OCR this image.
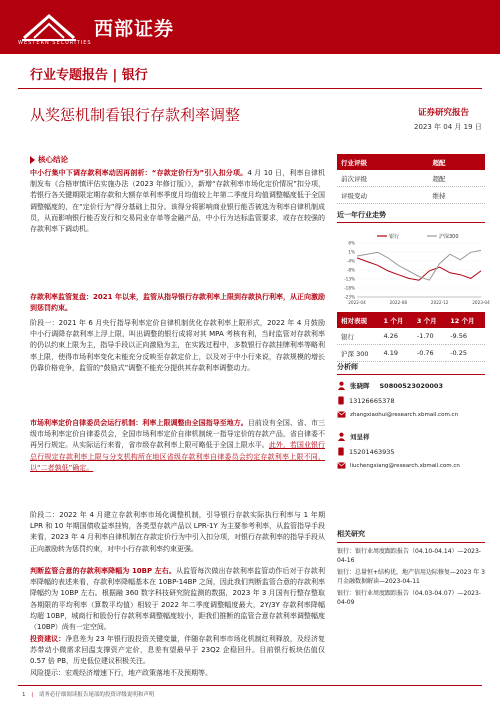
西部证券
WESTERN SECURITIES
行业专题报告 | 银行
从奖惩机制看银行存款利率调整	证券研究报告
2023 年 04 月 19 日
核心结论
中小行集中下调存款利率动因再剖析：“存款定价行为”引入扣分项。4 月 10 日，利率自律机制发布《合格审慎评估实施办法（2023 年修订版）》，新增“存款利率市场化定价情况”扣分项，若银行各关键期限定期存款和大额存单利率季度月均值较上年第二季度月均值调整幅度低于全国调整幅度的，在“定价行为”得分基础上扣分。该得分将影响商业银行能否被选为利率自律机制成员，从而影响银行能否发行和交易同业存单等金融产品，中小行为达标监管要求，或存在较强的存款利率下调动机。
存款利率监管复盘：2021 年以来，监管从指导银行存款利率上限到存款执行利率，从正向激励到惩罚约束。
阶段一：2021 年 6 月央行指导利率定价自律机制优化存款利率上限形式，2022 年 4 月鼓励中小行调降存款利率上浮上限，叫出调整的银行成将对其 MPA 考核有利，当时监管对存款利率的仍以约束上限为主，指导手段以正向激励为主，在实践过程中，多数银行存款挂牌利率等略利率上限，使得市场利率变化未能充分反映至存款定价上，以及对于中小行来说，存款规模的增长仍靠价格竞争，监管的“鼓励式”调整不能充分提供其存款利率调整动力。
市场利率定价自律委员会运行机制：利率上限调整由全国指导至地方。目前设有全国、省、市三级市场利率定价自律委员会，全国市场利率定价自律机制统一指导定价的存款产品，省自律委不再另行规定。从实际运行来看，省市级存款利率上限可略低于全国上限水平。此外，若国业银行总行规定存款利率上限与分支机构所在地区省级存款利率自律委员会约定存款利率上限不同，以“二者孰低”确定。
阶段二：2022 年 4 月建立存款利率市场化调整机制，引导银行存款实际执行利率与 1 年期 LPR 和 10 年期国债收益率挂钩，各类型存款产品以 LPR-1Y 为主要参考利率，从监管指导手段来看，2023 年 4 月利率自律机制在存款定价行为中引入扣分项，对银行存款利率的指导手段从正向激励转为惩罚约束，对中小行存款利率约束更强。
判断监管合意的存款利率降幅为 10BP 左右。从监管每次做出存款利率监管动作后对于存款利率降幅的表述来看，存款利率降幅基本在 10BP-14BP 之间，因此我们判断监管合意的存款利率降幅约为 10BP 左右。根据融 360 数字科技研究院监测的数据，2023 年 3 月国有行整存整取各期限的平均利率（算数平均值）相较于 2022 年二季度调整幅度最大，2Y/3Y 存款利率降幅均超 10BP，城商行和股份行存款利率调整幅度较小，距我们推断的监管合意存款利率调整幅度（10BP）尚有一定空间。
投资建议：净息差为 23 年银行股投资关键变量，伴随存款利率市场化机制红利释放，及经济复苏带动小微需求回温支撑资产定价，息差有望最早于 23Q2 企稳回升。目前银行板块估值仅 0.57 倍 PB，历史低位建议积极关注。
风险提示：宏观经济增速下行，地产政策落地不及预期等。
行业评级	超配
前次评级	超配
评级变动	维持
近一年行业走势
银行	沪深300
6%
1%
-4%
-8%
-13%
-18%
-23%
2022-04	2022-08	2022-12	2023-04
相对表现	1 个月	3 个月	12 个月
银行	4.26	-1.70	-9.56
沪深 300	4.19	-0.76	-0.25
分析师
张晓晖 S0800523020003
13126665378
zhangxiaohui@research.xbmail.com.cn
刘呈祥
15201463935
liuchengxiang@research.xbmail.com.cn
相关研究
银行：银行业周度跟踪报告（04.10-04.14）—2023-04-16
银行：总量恒+结构优，地产信用边际修复—2023 年 3 月金融数据解读—2023-04-11
银行：银行业周度跟踪报告（04.03-04.07）—2023-04-09
1 | 请务必仔细阅读报告尾部的投资评级说明和声明
